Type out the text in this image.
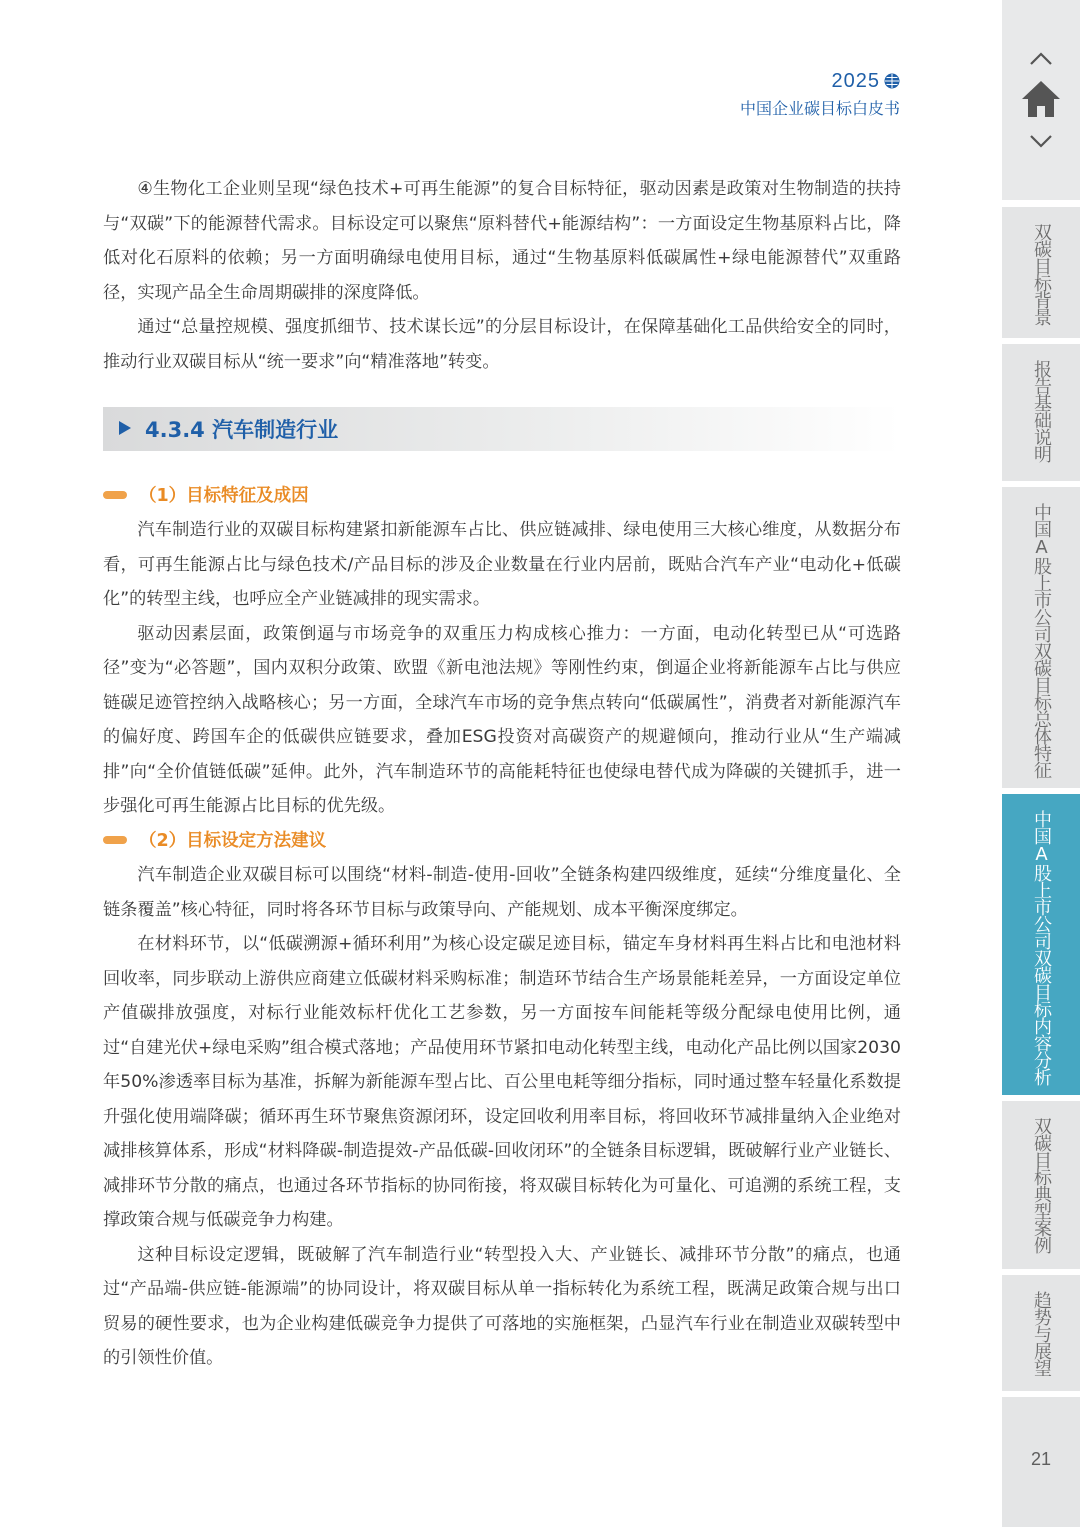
2025
中国企业碳目标白皮书

④生物化工企业则呈现“绿色技术+可再生能源”的复合目标特征，驱动因素是政策对生物制造的扶持与“双碳”下的能源替代需求。目标设定可以聚焦“原料替代+能源结构”：一方面设定生物基原料占比，降低对化石原料的依赖；另一方面明确绿电使用目标，通过“生物基原料低碳属性+绿电能源替代”双重路径，实现产品全生命周期碳排的深度降低。

通过“总量控规模、强度抓细节、技术谋长远”的分层目标设计，在保障基础化工品供给安全的同时，推动行业双碳目标从“统一要求”向“精准落地”转变。

4.3.4 汽车制造行业
（1）目标特征及成因

汽车制造行业的双碳目标构建紧扣新能源车占比、供应链减排、绿电使用三大核心维度，从数据分布看，可再生能源占比与绿色技术/产品目标的涉及企业数量在行业内居前，既贴合汽车产业“电动化+低碳化”的转型主线，也呼应全产业链减排的现实需求。

驱动因素层面，政策倒逼与市场竞争的双重压力构成核心推力：一方面，电动化转型已从“可选路径”变为“必答题”，国内双积分政策、欧盟《新电池法规》等刚性约束，倒逼企业将新能源车占比与供应链碳足迹管控纳入战略核心；另一方面，全球汽车市场的竞争焦点转向“低碳属性”，消费者对新能源汽车的偏好度、跨国车企的低碳供应链要求，叠加ESG投资对高碳资产的规避倾向，推动行业从“生产端减排”向“全价值链低碳”延伸。此外，汽车制造环节的高能耗特征也使绿电替代成为降碳的关键抓手，进一步强化可再生能源占比目标的优先级。

（2）目标设定方法建议

汽车制造企业双碳目标可以围绕“材料-制造-使用-回收”全链条构建四级维度，延续“分维度量化、全链条覆盖”核心特征，同时将各环节目标与政策导向、产能规划、成本平衡深度绑定。

在材料环节，以“低碳溯源+循环利用”为核心设定碳足迹目标，锚定车身材料再生料占比和电池材料回收率，同步联动上游供应商建立低碳材料采购标准；制造环节结合生产场景能耗差异，一方面设定单位产值碳排放强度，对标行业能效标杆优化工艺参数，另一方面按车间能耗等级分配绿电使用比例，通过“自建光伏+绿电采购”组合模式落地；产品使用环节紧扣电动化转型主线，电动化产品比例以国家2030年50%渗透率目标为基准，拆解为新能源车型占比、百公里电耗等细分指标，同时通过整车轻量化系数提升强化使用端降碳；循环再生环节聚焦资源闭环，设定回收利用率目标，将回收环节减排量纳入企业绝对减排核算体系，形成“材料降碳-制造提效-产品低碳-回收闭环”的全链条目标逻辑，既破解行业产业链长、减排环节分散的痛点，也通过各环节指标的协同衔接，将双碳目标转化为可量化、可追溯的系统工程，支撑政策合规与低碳竞争力构建。

这种目标设定逻辑，既破解了汽车制造行业“转型投入大、产业链长、减排环节分散”的痛点，也通过“产品端-供应链-能源端”的协同设计，将双碳目标从单一指标转化为系统工程，既满足政策合规与出口贸易的硬性要求，也为企业构建低碳竞争力提供了可落地的实施框架，凸显汽车行业在制造业双碳转型中的引领性价值。

双碳目标背景
报告基础说明
中国A股上市公司双碳目标总体特征
中国A股上市公司双碳目标内容分析
双碳目标典型案例
趋势与展望
21
